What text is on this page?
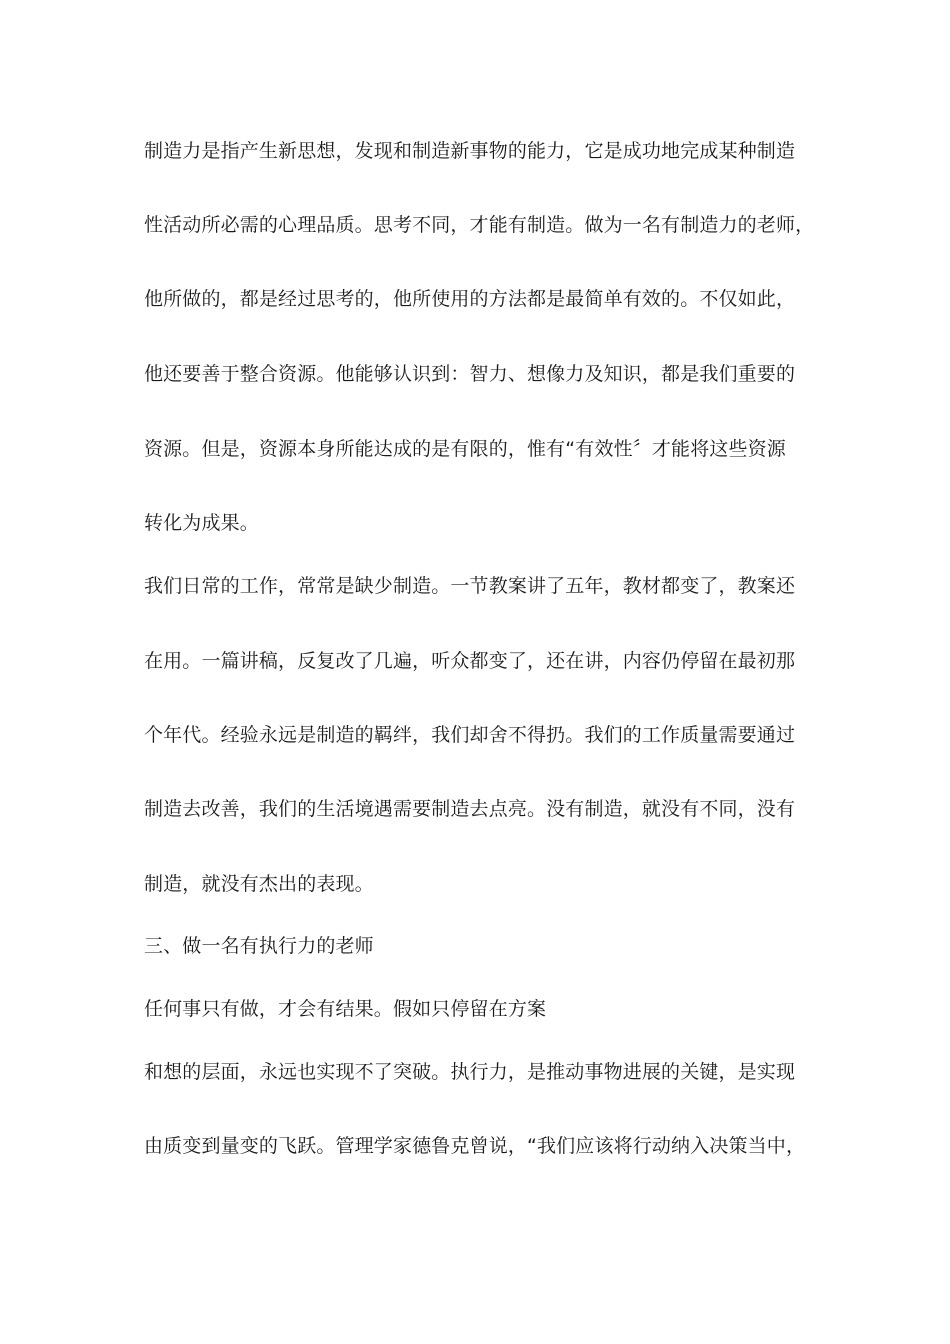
制造力是指产生新思想，发现和制造新事物的能力，它是成功地完成某种制造
性活动所必需的心理品质。思考不同，才能有制造。做为一名有制造力的老师，
他所做的，都是经过思考的，他所使用的方法都是最简单有效的。不仅如此，
他还要善于整合资源。他能够认识到：智力、想像力及知识，都是我们重要的
资源。但是，资源本身所能达成的是有限的，惟有“有效性〞才能将这些资源
转化为成果。
我们日常的工作，常常是缺少制造。一节教案讲了五年，教材都变了，教案还
在用。一篇讲稿，反复改了几遍，听众都变了，还在讲，内容仍停留在最初那
个年代。经验永远是制造的羁绊，我们却舍不得扔。我们的工作质量需要通过
制造去改善，我们的生活境遇需要制造去点亮。没有制造，就没有不同，没有
制造，就没有杰出的表现。
三、做一名有执行力的老师
任何事只有做，才会有结果。假如只停留在方案
和想的层面，永远也实现不了突破。执行力，是推动事物进展的关键，是实现
由质变到量变的飞跃。管理学家德鲁克曾说，“我们应该将行动纳入决策当中，
